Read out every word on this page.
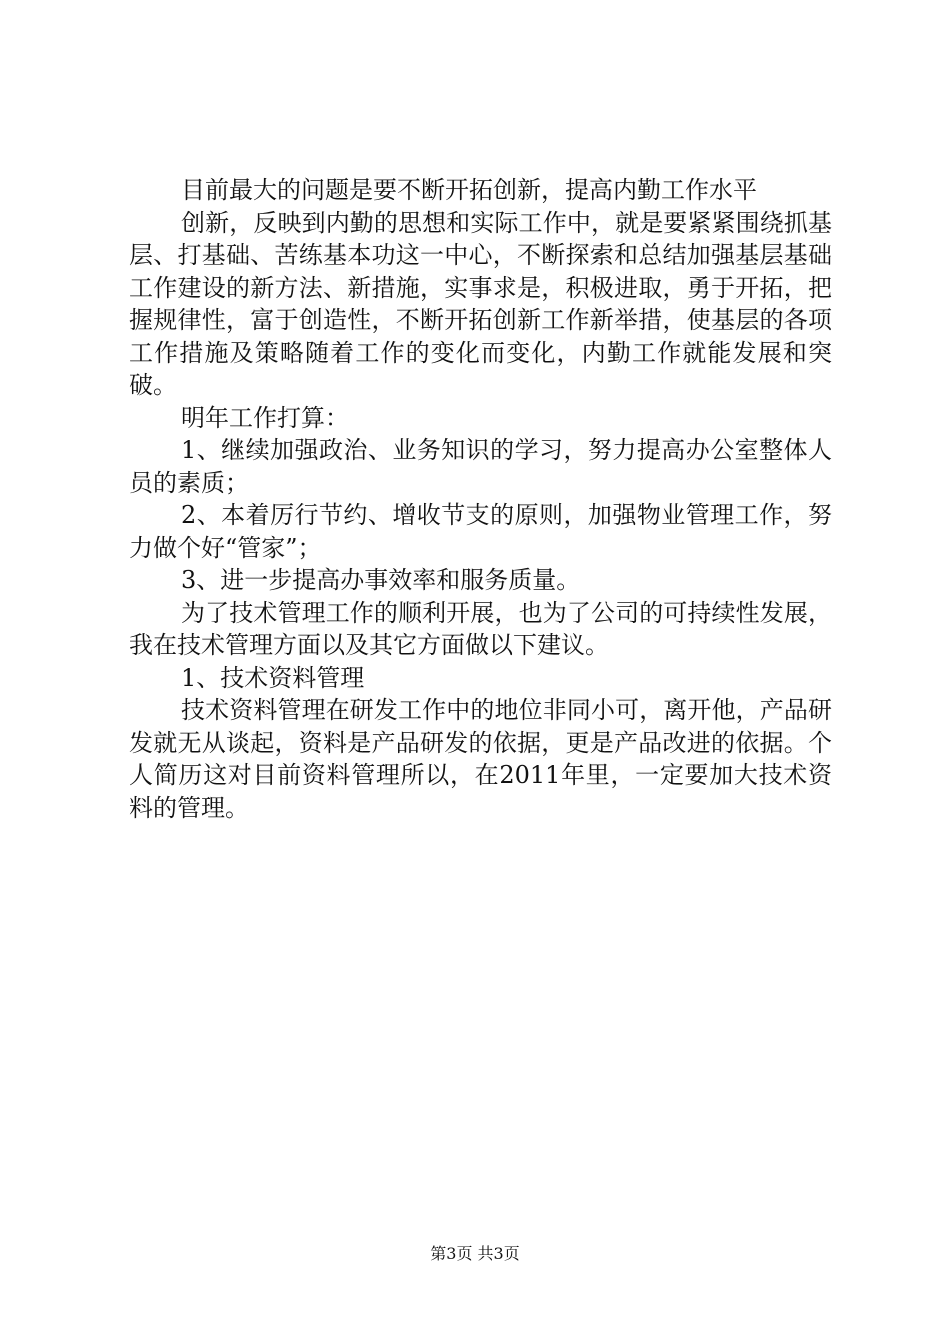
目前最大的问题是要不断开拓创新，提高内勤工作水平

创新，反映到内勤的思想和实际工作中，就是要紧紧围绕抓基层、打基础、苦练基本功这一中心，不断探索和总结加强基层基础工作建设的新方法、新措施，实事求是，积极进取，勇于开拓，把握规律性，富于创造性，不断开拓创新工作新举措，使基层的各项工作措施及策略随着工作的变化而变化，内勤工作就能发展和突破。

明年工作打算：

1、继续加强政治、业务知识的学习，努力提高办公室整体人员的素质；

2、本着厉行节约、增收节支的原则，加强物业管理工作，努力做个好“管家”；

3、进一步提高办事效率和服务质量。

为了技术管理工作的顺利开展，也为了公司的可持续性发展，我在技术管理方面以及其它方面做以下建议。

1、技术资料管理

技术资料管理在研发工作中的地位非同小可，离开他，产品研发就无从谈起，资料是产品研发的依据，更是产品改进的依据。个人简历这对目前资料管理所以，在2011年里，一定要加大技术资料的管理。

第3页 共3页
